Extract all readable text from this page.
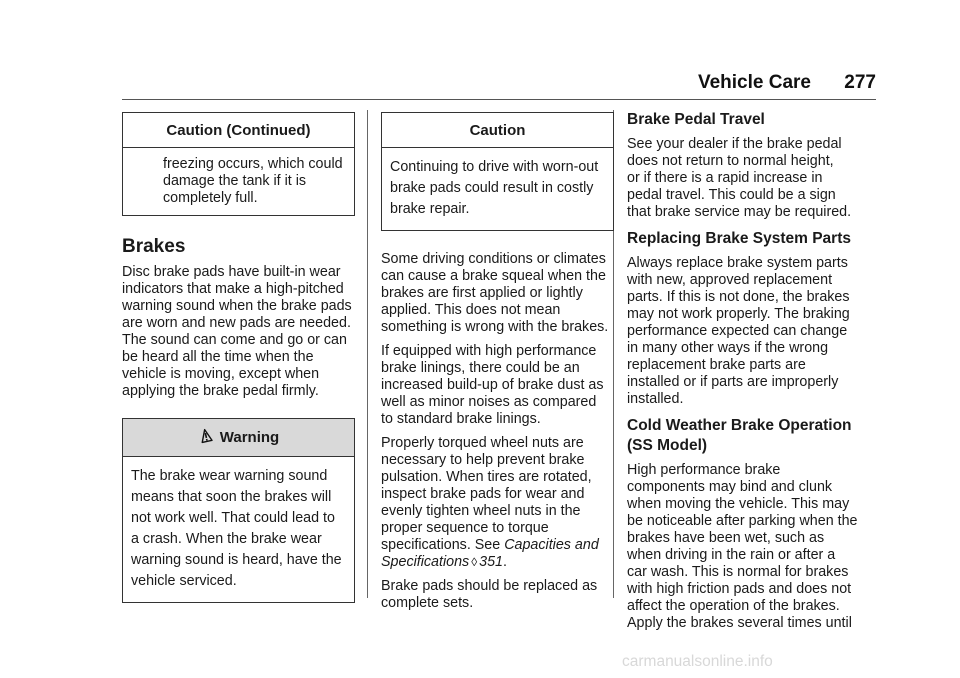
Vehicle Care 277
Caution (Continued)
freezing occurs, which could
damage the tank if it is
completely full.
Brakes

Disc brake pads have built-in wear
indicators that make a high-pitched
warning sound when the brake pads
are worn and new pads are needed.
The sound can come and go or can
be heard all the time when the
vehicle is moving, except when
applying the brake pedal firmly.

Warning
The brake wear warning sound
means that soon the brakes will
not work well. That could lead to
a crash. When the brake wear
warning sound is heard, have the
vehicle serviced.
Caution
Continuing to drive with worn-out
brake pads could result in costly
brake repair.

Some driving conditions or climates
can cause a brake squeal when the
brakes are first applied or lightly
applied. This does not mean
something is wrong with the brakes.

If equipped with high performance
brake linings, there could be an
increased build-up of brake dust as
well as minor noises as compared
to standard brake linings.

Properly torqued wheel nuts are
necessary to help prevent brake
pulsation. When tires are rotated,
inspect brake pads for wear and
evenly tighten wheel nuts in the
proper sequence to torque
specifications. See Capacities and
Specifications ◊ 351.

Brake pads should be replaced as
complete sets.

Brake Pedal Travel

See your dealer if the brake pedal
does not return to normal height,
or if there is a rapid increase in
pedal travel. This could be a sign
that brake service may be required.

Replacing Brake System Parts

Always replace brake system parts
with new, approved replacement
parts. If this is not done, the brakes
may not work properly. The braking
performance expected can change
in many other ways if the wrong
replacement brake parts are
installed or if parts are improperly
installed.

Cold Weather Brake Operation
(SS Model)

High performance brake
components may bind and clunk
when moving the vehicle. This may
be noticeable after parking when the
brakes have been wet, such as
when driving in the rain or after a
car wash. This is normal for brakes
with high friction pads and does not
affect the operation of the brakes.
Apply the brakes several times until

carmanualsonline.info
